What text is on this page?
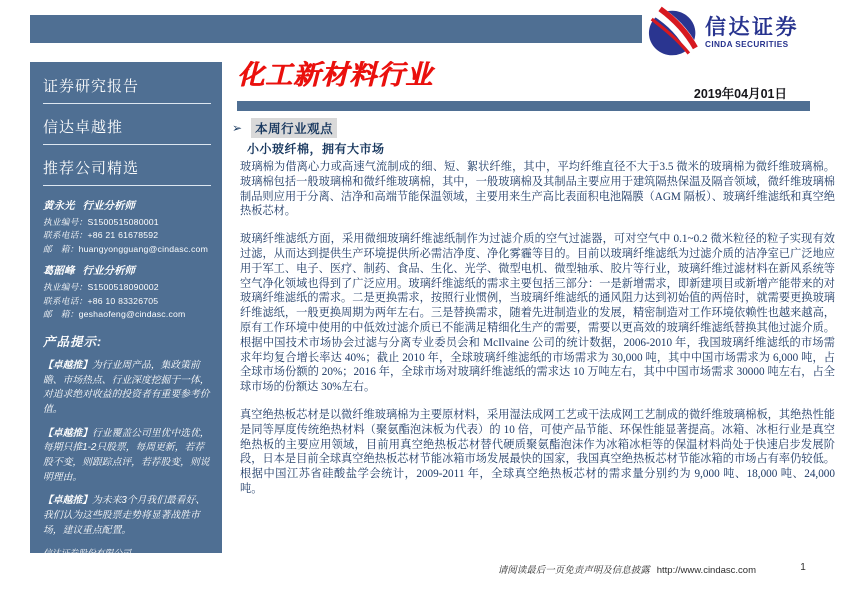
信达证券
CINDA SECURITIES
证券研究报告
信达卓越推
推荐公司精选
黄永光 行业分析师
执业编号：S1500515080001
联系电话：+86 21 61678592
邮　箱：huangyongguang@cindasc.com
葛韶峰 行业分析师
执业编号：S1500518090002
联系电话：+86 10 83326705
邮　箱：geshaofeng@cindasc.com
产品提示:

【卓越推】为行业周产品，集政策前瞻、市场热点、行业深度挖掘于一体，对追求绝对收益的投资者有重要参考价值。

【卓越推】行业覆盖公司里优中选优，每期只推1-2只股票，每周更新，若荐股不变，则跟踪点评，若荐股变，则说明理由。

【卓越推】为未来3个月我们最看好、我们认为这些股票走势将显著战胜市场，建议重点配置。

信达证券股份有限公司
CINDA SECURITIES CO.,LTD
北京市西城区闹市口大街9号院1号楼
邮编：100031
化工新材料行业
2019年04月01日
➢	本周行业观点
小小玻纤棉，拥有大市场

玻璃棉为借离心力或高速气流制成的细、短、絮状纤维，其中，平均纤维直径不大于3.5 微米的玻璃棉为微纤维玻璃棉。玻璃棉包括一般玻璃棉和微纤维玻璃棉，其中，一般玻璃棉及其制品主要应用于建筑隔热保温及隔音领域，微纤维玻璃棉制品则应用于分离、洁净和高端节能保温领域，主要用来生产高比表面积电池隔膜（AGM 隔板）、玻璃纤维滤纸和真空绝热板芯材。

玻璃纤维滤纸方面，采用微细玻璃纤维滤纸制作为过滤介质的空气过滤器，可对空气中 0.1~0.2 微米粒径的粒子实现有效过滤，从而达到提供生产环境提供所必需洁净度、净化雾霾等目的。目前以玻璃纤维滤纸为过滤介质的洁净室已广泛地应用于军工、电子、医疗、制药、食品、生化、光学、微型电机、微型轴承、胶片等行业，玻璃纤维过滤材料在新风系统等空气净化领域也得到了广泛应用。玻璃纤维滤纸的需求主要包括三部分：一是新增需求，即新建项目或新增产能带来的对玻璃纤维滤纸的需求。二是更换需求，按照行业惯例，当玻璃纤维滤纸的通风阻力达到初始值的两倍时，就需要更换玻璃纤维滤纸，一般更换周期为两年左右。三是替换需求，随着先进制造业的发展，精密制造对工作环境依赖性也越来越高，原有工作环境中使用的中低效过滤介质已不能满足精细化生产的需要，需要以更高效的玻璃纤维滤纸替换其他过滤介质。根据中国技术市场协会过滤与分离专业委员会和 McIlvaine 公司的统计数据，2006-2010 年，我国玻璃纤维滤纸的市场需求年均复合增长率达 40%；截止 2010 年，全球玻璃纤维滤纸的市场需求为 30,000 吨，其中中国市场需求为 6,000 吨，占全球市场份额的 20%；2016 年，全球市场对玻璃纤维滤纸的需求达 10 万吨左右，其中中国市场需求 30000 吨左右，占全球市场的份额达 30%左右。

真空绝热板芯材是以微纤维玻璃棉为主要原材料，采用湿法成网工艺或干法成网工艺制成的微纤维玻璃棉板，其绝热性能是同等厚度传统绝热材料（聚氨酯泡沫板为代表）的 10 倍，可使产品节能、环保性能显著提高。冰箱、冰柜行业是真空绝热板的主要应用领域，目前用真空绝热板芯材替代硬质聚氨酯泡沫作为冰箱冰柜等的保温材料尚处于快速启步发展阶段，日本是目前全球真空绝热板芯材节能冰箱市场发展最快的国家，我国真空绝热板芯材节能冰箱的市场占有率仍较低。根据中国江苏省硅酸盐学会统计，2009-2011 年，全球真空绝热板芯材的需求量分别约为 9,000 吨、18,000 吨、24,000 吨。

请阅读最后一页免责声明及信息披露 http://www.cindasc.com	1
